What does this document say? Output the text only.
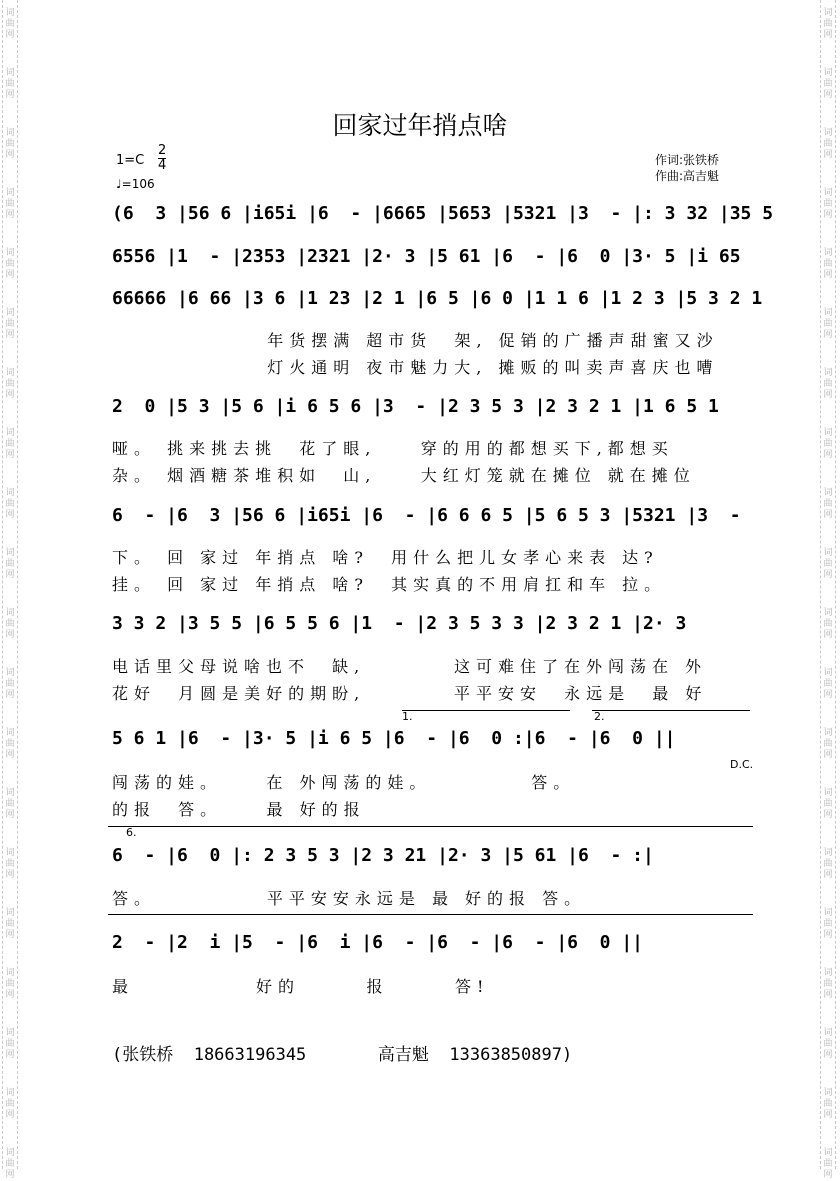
词
曲
网
词
曲
网
词
曲
网
词
曲
网
词
曲
网
词
曲
网
词
曲
网
词
曲
网
词
曲
网
词
曲
网
词
曲
网
词
曲
网
词
曲
网
词
曲
网
词
曲
网
词
曲
网
词
曲
网
词
曲
网
词
曲
网
词
曲
网
词
曲
网
词
曲
网
词
曲
网
词
曲
网
词
曲
网
词
曲
网
词
曲
网
词
曲
网
词
曲
网
词
曲
网
词
曲
网
词
曲
网
词
曲
网
词
曲
网
词
曲
网
词
曲
网
词
曲
网
词
曲
网
词
曲
网
词
曲
网
回家过年捎点啥
1=C
2
4
♩=106
作词:张铁桥
作曲:高吉魁
(6  3 |56 6 |i65i |6  - |6665 |5653 |5321 |3  - |: 3 32 |35 5
6556 |1  - |2353 |2321 |2· 3 |5 61 |6  - |6  0 |3· 5 |i 65
66666 |6 66 |3 6 |1 23 |2 1 |6 5 |6 0 |1 1 6 |1 2 3 |5 3 2 1
年货摆满 超市货  架, 促销的广播声甜蜜又沙
灯火通明 夜市魅力大, 摊贩的叫卖声喜庆也嘈
2  0 |5 3 |5 6 |i 6 5 6 |3  - |2 3 5 3 |2 3 2 1 |1 6 5 1
哑。 挑来挑去挑  花了眼,    穿的用的都想买下,都想买
杂。 烟酒糖茶堆积如  山,    大红灯笼就在摊位 就在摊位
6  - |6  3 |56 6 |i65i |6  - |6 6 6 5 |5 6 5 3 |5321 |3  -
下。 回 家过 年捎点 啥?  用什么把儿女孝心来表 达?
挂。 回 家过 年捎点 啥?  其实真的不用肩扛和车 拉。
3 3 2 |3 5 5 |6 5 5 6 |1  - |2 3 5 3 3 |2 3 2 1 |2· 3
电话里父母说啥也不  缺,        这可难住了在外闯荡在 外
花好  月圆是美好的期盼,        平平安安  永远是  最 好
1.	2.
5 6 1 |6  - |3· 5 |i 6 5 |6  - |6  0 :|6  - |6  0 ||
D.C.
闯荡的娃。    在 外闯荡的娃。         答。
的报  答。    最 好的报
6.
6  - |6  0 |: 2 3 5 3 |2 3 21 |2· 3 |5 61 |6  - :|
答。          平平安安永远是 最 好的报 答。
2  - |2  i |5  - |6  i |6  - |6  - |6  - |6  0 ||
最           好的      报      答!
(张铁桥  18663196345       高吉魁  13363850897)
